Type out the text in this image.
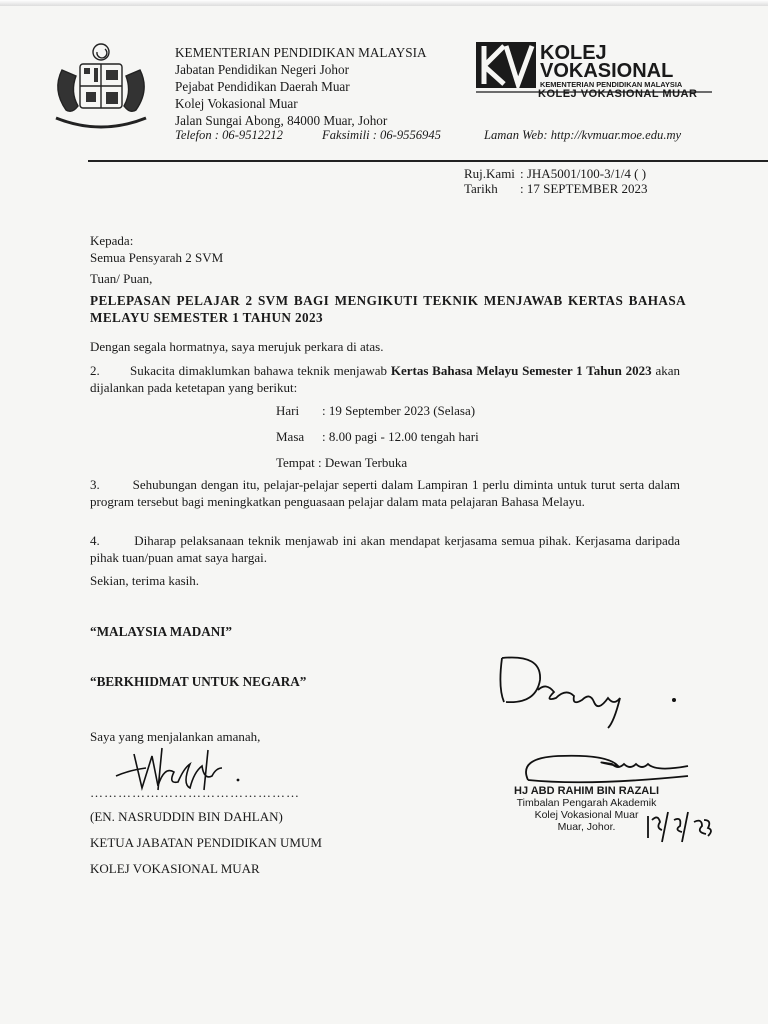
KEMENTERIAN PENDIDIKAN MALAYSIA
Jabatan Pendidikan Negeri Johor
Pejabat Pendidikan Daerah Muar
Kolej Vokasional Muar
Jalan Sungai Abong, 84000 Muar, Johor
Telefon : 06-9512212	Faksimili : 06-9556945	Laman Web: http://kvmuar.moe.edu.my
KOLEJ
VOKASIONAL
KEMENTERIAN PENDIDIKAN MALAYSIA
KOLEJ VOKASIONAL MUAR
Ruj.Kami : JHA5001/100-3/1/4 ( )
Tarikh : 17 SEPTEMBER 2023
Kepada:
Semua Pensyarah 2 SVM
Tuan/ Puan,
PELEPASAN PELAJAR 2 SVM BAGI MENGIKUTI TEKNIK MENJAWAB KERTAS BAHASA MELAYU SEMESTER 1 TAHUN 2023
Dengan segala hormatnya, saya merujuk perkara di atas.
2. Sukacita dimaklumkan bahawa teknik menjawab Kertas Bahasa Melayu Semester 1 Tahun 2023 akan dijalankan pada ketetapan yang berikut:
Hari : 19 September 2023 (Selasa)
Masa : 8.00 pagi - 12.00 tengah hari
Tempat : Dewan Terbuka
3.	Sehubungan dengan itu, pelajar-pelajar seperti dalam Lampiran 1 perlu diminta untuk turut serta dalam program tersebut bagi meningkatkan penguasaan pelajar dalam mata pelajaran Bahasa Melayu.
4.	Diharap pelaksanaan teknik menjawab ini akan mendapat kerjasama semua pihak. Kerjasama daripada pihak tuan/puan amat saya hargai.
Sekian, terima kasih.
“MALAYSIA MADANI”
“BERKHIDMAT UNTUK NEGARA”
Saya yang menjalankan amanah,
………………………………………
(EN. NASRUDDIN BIN DAHLAN)
KETUA JABATAN PENDIDIKAN UMUM
KOLEJ VOKASIONAL MUAR
HJ ABD RAHIM BIN RAZALI
Timbalan Pengarah Akademik
Kolej Vokasional Muar
Muar, Johor.
